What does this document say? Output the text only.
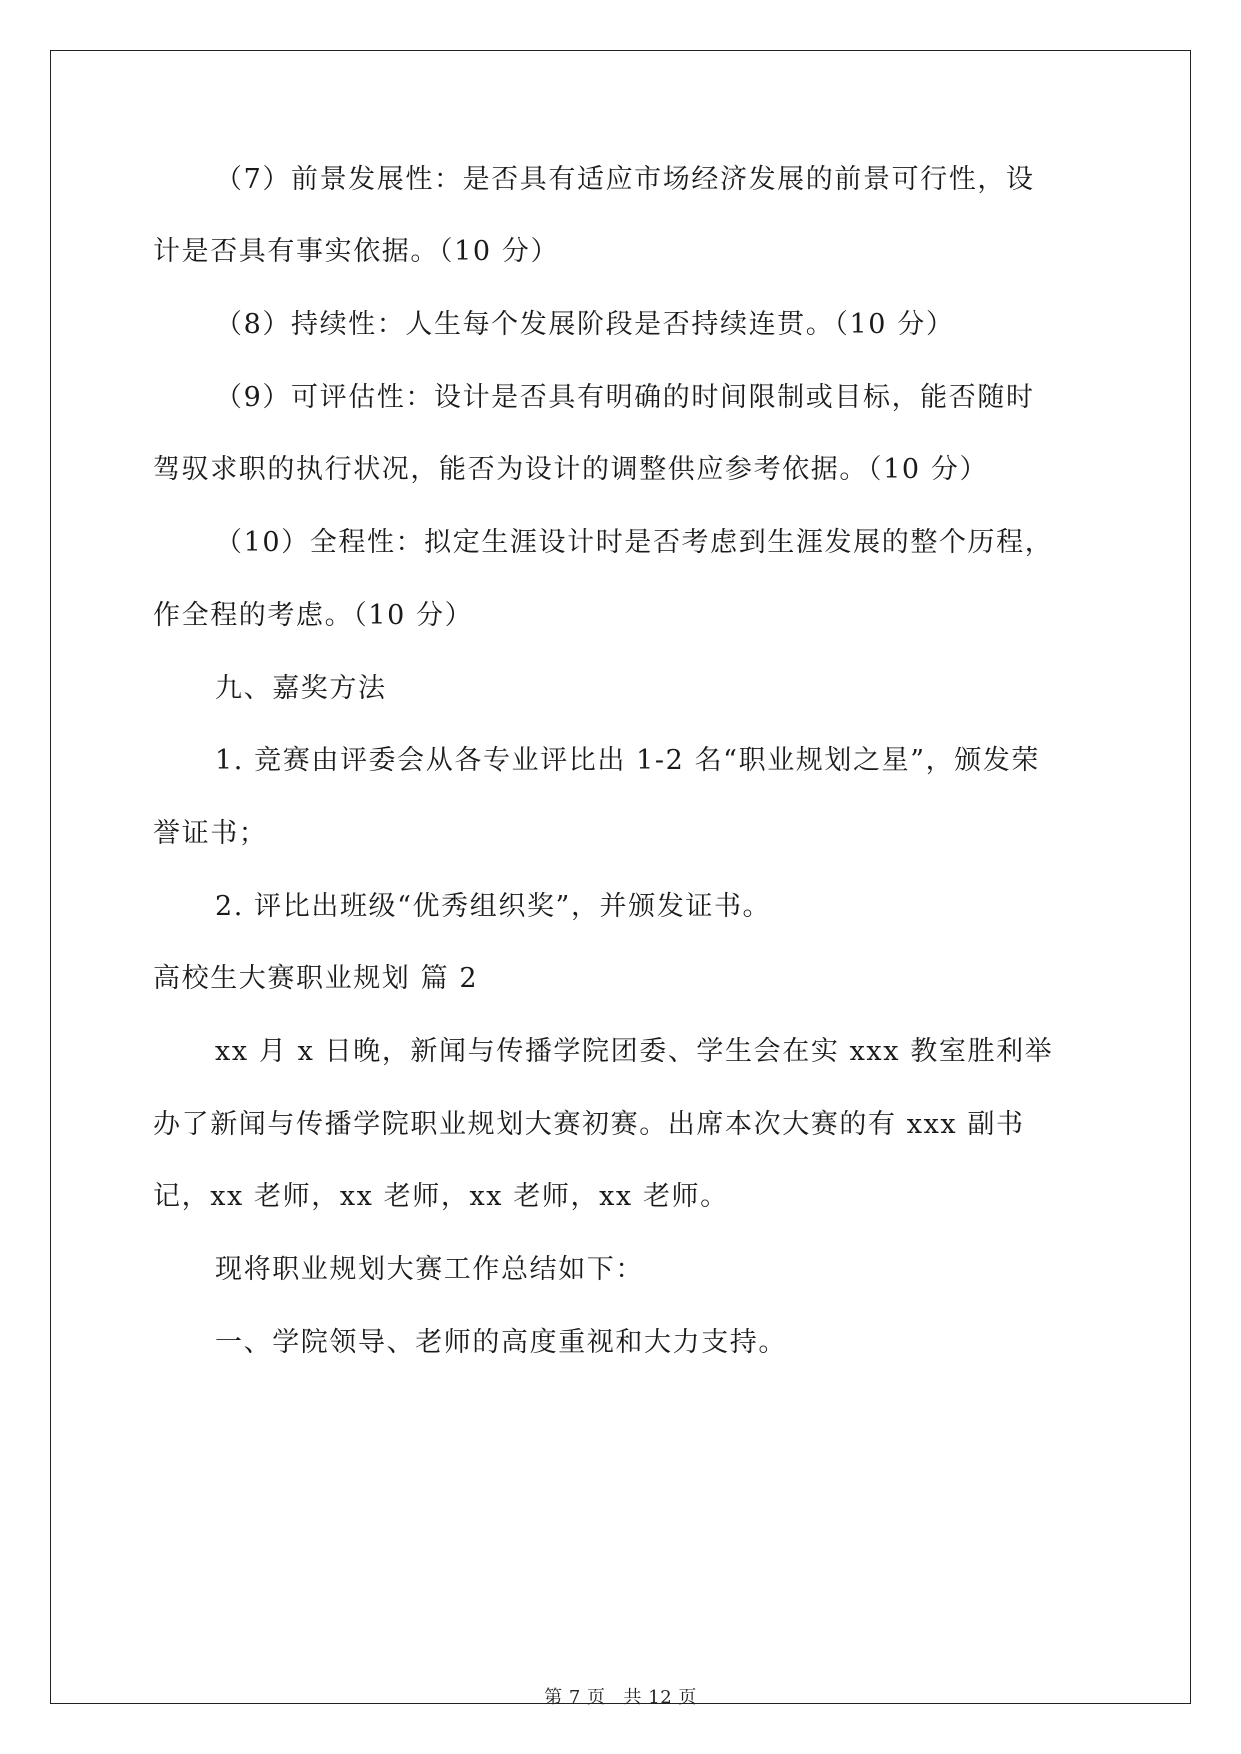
（7）前景发展性：是否具有适应市场经济发展的前景可行性，设
计是否具有事实依据。（10 分）
（8）持续性：人生每个发展阶段是否持续连贯。（10 分）
（9）可评估性：设计是否具有明确的时间限制或目标，能否随时
驾驭求职的执行状况，能否为设计的调整供应参考依据。（10 分）
（10）全程性：拟定生涯设计时是否考虑到生涯发展的整个历程，
作全程的考虑。（10 分）
九、嘉奖方法
1. 竞赛由评委会从各专业评比出 1-2 名“职业规划之星”，颁发荣
誉证书；
2. 评比出班级“优秀组织奖”，并颁发证书。
高校生大赛职业规划 篇 2
xx 月 x 日晚，新闻与传播学院团委、学生会在实 xxx 教室胜利举
办了新闻与传播学院职业规划大赛初赛。出席本次大赛的有 xxx 副书
记，xx 老师，xx 老师，xx 老师，xx 老师。
现将职业规划大赛工作总结如下：
一、学院领导、老师的高度重视和大力支持。
第 7 页 共 12 页
